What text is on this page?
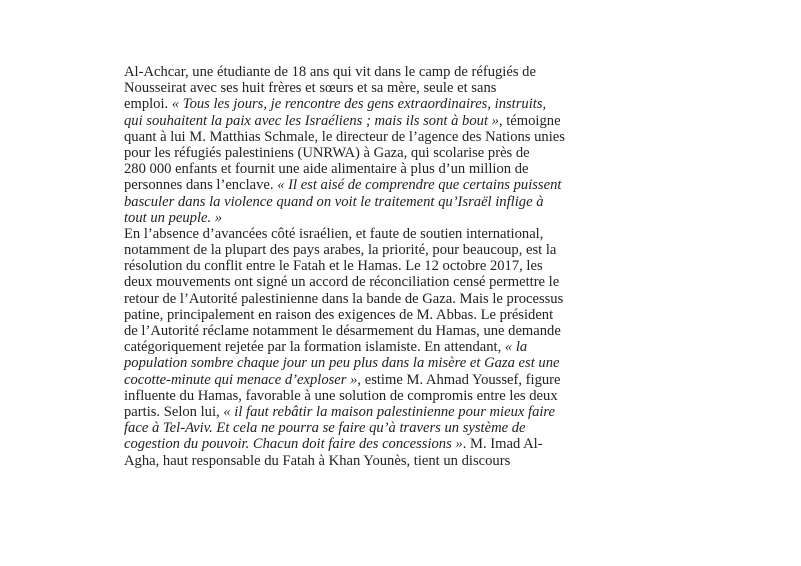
Al-Achcar, une étudiante de 18 ans qui vit dans le camp de réfugiés de
Nousseirat avec ses huit frères et sœurs et sa mère, seule et sans
emploi. « Tous les jours, je rencontre des gens extraordinaires, instruits,
qui souhaitent la paix avec les Israéliens ; mais ils sont à bout », témoigne
quant à lui M. Matthias Schmale, le directeur de l’agence des Nations unies
pour les réfugiés palestiniens (UNRWA) à Gaza, qui scolarise près de
280 000 enfants et fournit une aide alimentaire à plus d’un million de
personnes dans l’enclave. « Il est aisé de comprendre que certains puissent
basculer dans la violence quand on voit le traitement qu’Israël inflige à
tout un peuple. »
En l’absence d’avancées côté israélien, et faute de soutien international,
notamment de la plupart des pays arabes, la priorité, pour beaucoup, est la
résolution du conflit entre le Fatah et le Hamas. Le 12 octobre 2017, les
deux mouvements ont signé un accord de réconciliation censé permettre le
retour de l’Autorité palestinienne dans la bande de Gaza. Mais le processus
patine, principalement en raison des exigences de M. Abbas. Le président
de l’Autorité réclame notamment le désarmement du Hamas, une demande
catégoriquement rejetée par la formation islamiste. En attendant, « la
population sombre chaque jour un peu plus dans la misère et Gaza est une
cocotte-minute qui menace d’exploser », estime M. Ahmad Youssef, figure
influente du Hamas, favorable à une solution de compromis entre les deux
partis. Selon lui, « il faut rebâtir la maison palestinienne pour mieux faire
face à Tel-Aviv. Et cela ne pourra se faire qu’à travers un système de
cogestion du pouvoir. Chacun doit faire des concessions ». M. Imad Al-
Agha, haut responsable du Fatah à Khan Younès, tient un discours
